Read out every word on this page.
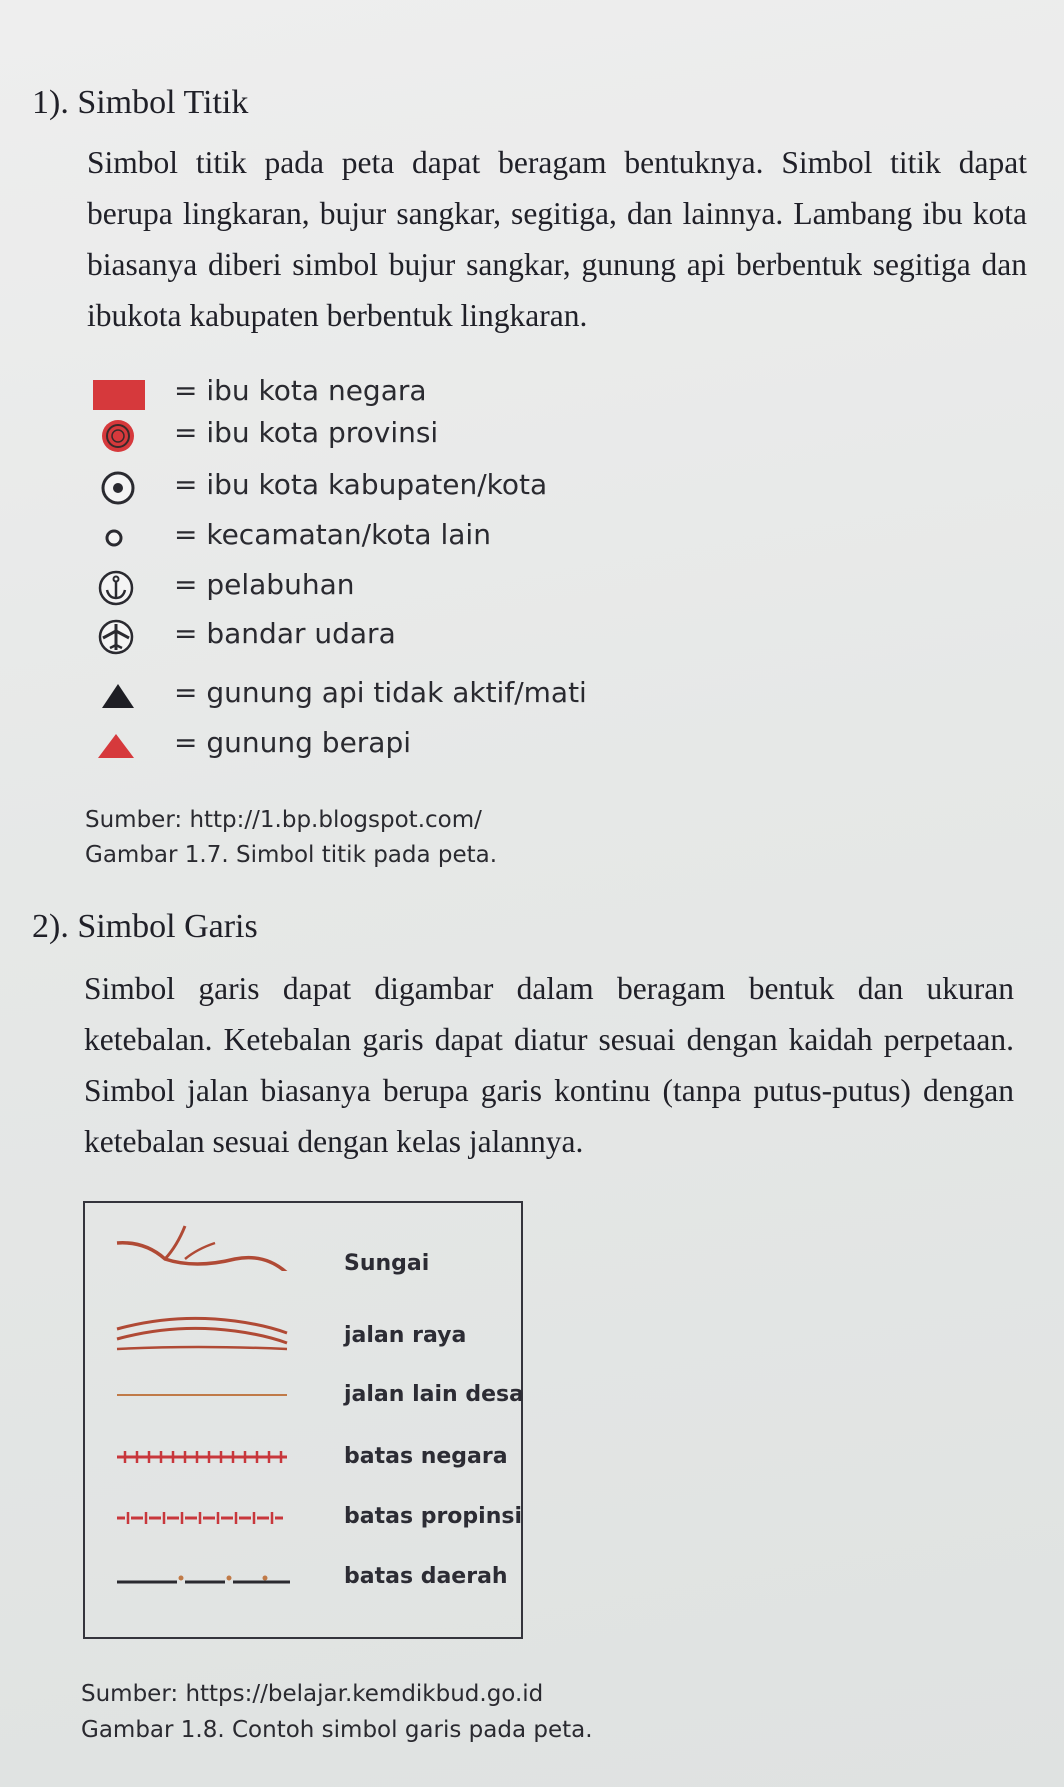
1). Simbol Titik
Simbol titik pada peta dapat beragam bentuknya. Simbol titik dapat berupa lingkaran, bujur sangkar, segitiga, dan lainnya. Lambang ibu kota biasanya diberi simbol bujur sangkar, gunung api berbentuk segitiga dan ibukota kabupaten berbentuk lingkaran.
= ibu kota negara
= ibu kota provinsi
= ibu kota kabupaten/kota
= kecamatan/kota lain
= pelabuhan
= bandar udara
= gunung api tidak aktif/mati
= gunung berapi
Sumber: http://1.bp.blogspot.com/
Gambar 1.7. Simbol titik pada peta.
2). Simbol Garis
Simbol garis dapat digambar dalam beragam bentuk dan ukuran ketebalan. Ketebalan garis dapat diatur sesuai dengan kaidah perpetaan. Simbol jalan biasanya berupa garis kontinu (tanpa putus-putus) dengan ketebalan sesuai dengan kelas jalannya.
Sungai
jalan raya
jalan lain desa
batas negara
batas propinsi
batas daerah
Sumber: https://belajar.kemdikbud.go.id
Gambar 1.8. Contoh simbol garis pada peta.
